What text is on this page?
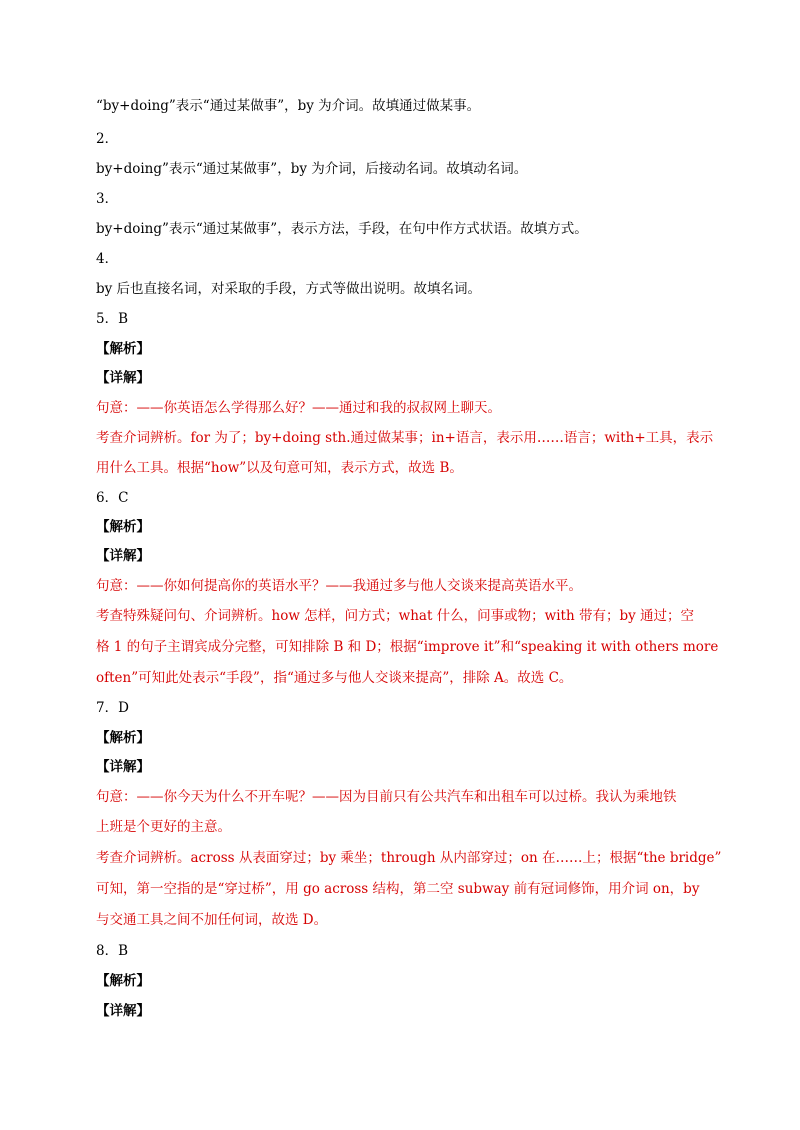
“by+doing”表示“通过某做事”，by 为介词。故填通过做某事。
2．
by+doing”表示“通过某做事”，by 为介词，后接动名词。故填动名词。
3．
by+doing”表示“通过某做事”，表示方法，手段，在句中作方式状语。故填方式。
4．
by 后也直接名词，对采取的手段，方式等做出说明。故填名词。
5．B
【解析】
【详解】
句意：——你英语怎么学得那么好？——通过和我的叔叔网上聊天。
考查介词辨析。for 为了；by+doing sth.通过做某事；in+语言，表示用……语言；with+工具，表示
用什么工具。根据“how”以及句意可知，表示方式，故选 B。
6．C
【解析】
【详解】
句意：——你如何提高你的英语水平？——我通过多与他人交谈来提高英语水平。
考查特殊疑问句、介词辨析。how 怎样，问方式；what 什么，问事或物；with 带有；by 通过；空
格 1 的句子主谓宾成分完整，可知排除 B 和 D；根据“improve it”和“speaking it with others more
often”可知此处表示“手段”，指“通过多与他人交谈来提高”，排除 A。故选 C。
7．D
【解析】
【详解】
句意：——你今天为什么不开车呢？——因为目前只有公共汽车和出租车可以过桥。我认为乘地铁
上班是个更好的主意。
考查介词辨析。across 从表面穿过；by 乘坐；through 从内部穿过；on 在……上；根据“the bridge”
可知，第一空指的是“穿过桥”，用 go across 结构，第二空 subway 前有冠词修饰，用介词 on，by
与交通工具之间不加任何词，故选 D。
8．B
【解析】
【详解】
